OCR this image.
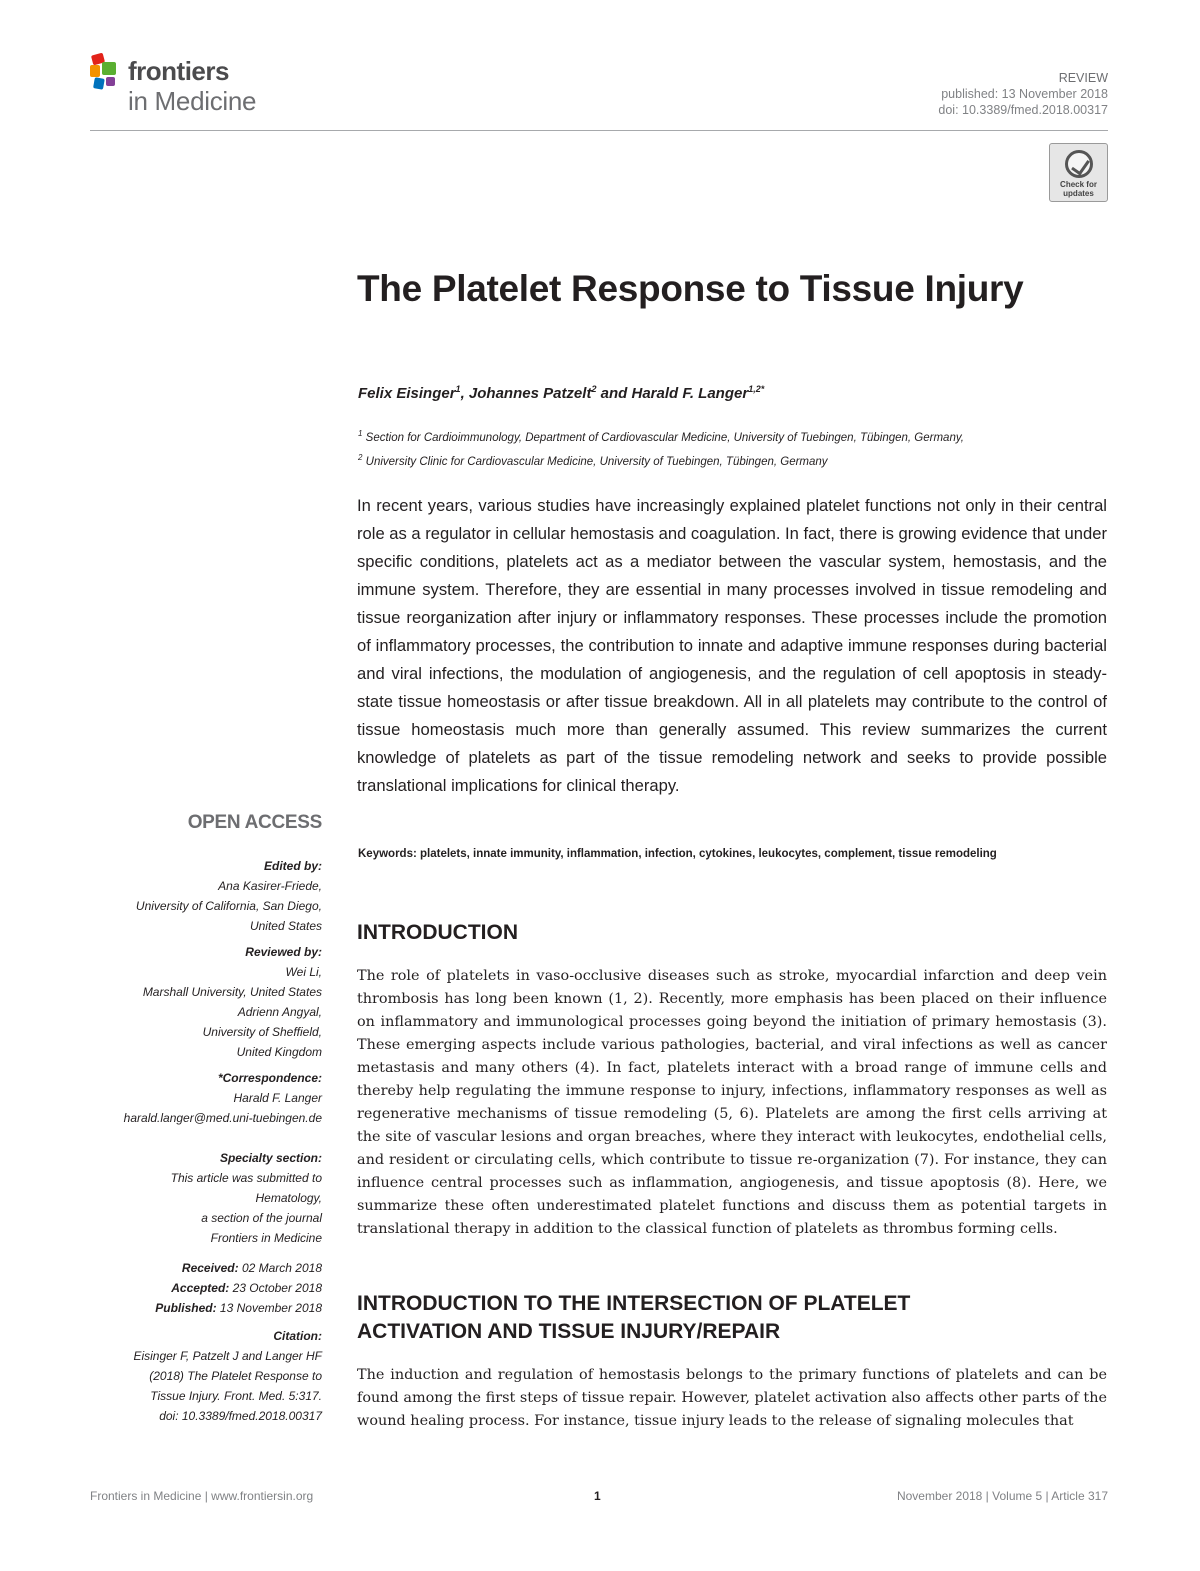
frontiers
in Medicine
REVIEW
published: 13 November 2018
doi: 10.3389/fmed.2018.00317
Check for
updates
The Platelet Response to Tissue Injury
Felix Eisinger$^1$, Johannes Patzelt$^2$ and Harald F. Langer$^{1,2*}$
$^1$ Section for Cardioimmunology, Department of Cardiovascular Medicine, University of Tuebingen, Tübingen, Germany,
$^2$ University Clinic for Cardiovascular Medicine, University of Tuebingen, Tübingen, Germany
In recent years, various studies have increasingly explained platelet functions not only in their central role as a regulator in cellular hemostasis and coagulation. In fact, there is growing evidence that under specific conditions, platelets act as a mediator between the vascular system, hemostasis, and the immune system. Therefore, they are essential in many processes involved in tissue remodeling and tissue reorganization after injury or inflammatory responses. These processes include the promotion of inflammatory processes, the contribution to innate and adaptive immune responses during bacterial and viral infections, the modulation of angiogenesis, and the regulation of cell apoptosis in steady-state tissue homeostasis or after tissue breakdown. All in all platelets may contribute to the control of tissue homeostasis much more than generally assumed. This review summarizes the current knowledge of platelets as part of the tissue remodeling network and seeks to provide possible translational implications for clinical therapy.
Keywords: platelets, innate immunity, inflammation, infection, cytokines, leukocytes, complement, tissue remodeling
INTRODUCTION
The role of platelets in vaso-occlusive diseases such as stroke, myocardial infarction and deep vein thrombosis has long been known (1, 2). Recently, more emphasis has been placed on their influence on inflammatory and immunological processes going beyond the initiation of primary hemostasis (3). These emerging aspects include various pathologies, bacterial, and viral infections as well as cancer metastasis and many others (4). In fact, platelets interact with a broad range of immune cells and thereby help regulating the immune response to injury, infections, inflammatory responses as well as regenerative mechanisms of tissue remodeling (5, 6). Platelets are among the first cells arriving at the site of vascular lesions and organ breaches, where they interact with leukocytes, endothelial cells, and resident or circulating cells, which contribute to tissue re-organization (7). For instance, they can influence central processes such as inflammation, angiogenesis, and tissue apoptosis (8). Here, we summarize these often underestimated platelet functions and discuss them as potential targets in translational therapy in addition to the classical function of platelets as thrombus forming cells.
INTRODUCTION TO THE INTERSECTION OF PLATELET
ACTIVATION AND TISSUE INJURY/REPAIR
The induction and regulation of hemostasis belongs to the primary functions of platelets and can be found among the first steps of tissue repair. However, platelet activation also affects other parts of the wound healing process. For instance, tissue injury leads to the release of signaling molecules that
OPEN ACCESS
Edited by:
Ana Kasirer-Friede,
University of California, San Diego,
United States
Reviewed by:
Wei Li,
Marshall University, United States
Adrienn Angyal,
University of Sheffield,
United Kingdom
*Correspondence:
Harald F. Langer
harald.langer@med.uni-tuebingen.de
Specialty section:
This article was submitted to
Hematology,
a section of the journal
Frontiers in Medicine
Received: 02 March 2018
Accepted: 23 October 2018
Published: 13 November 2018
Citation:
Eisinger F, Patzelt J and Langer HF
(2018) The Platelet Response to
Tissue Injury. Front. Med. 5:317.
doi: 10.3389/fmed.2018.00317
Frontiers in Medicine | www.frontiersin.org	1	November 2018 | Volume 5 | Article 317
